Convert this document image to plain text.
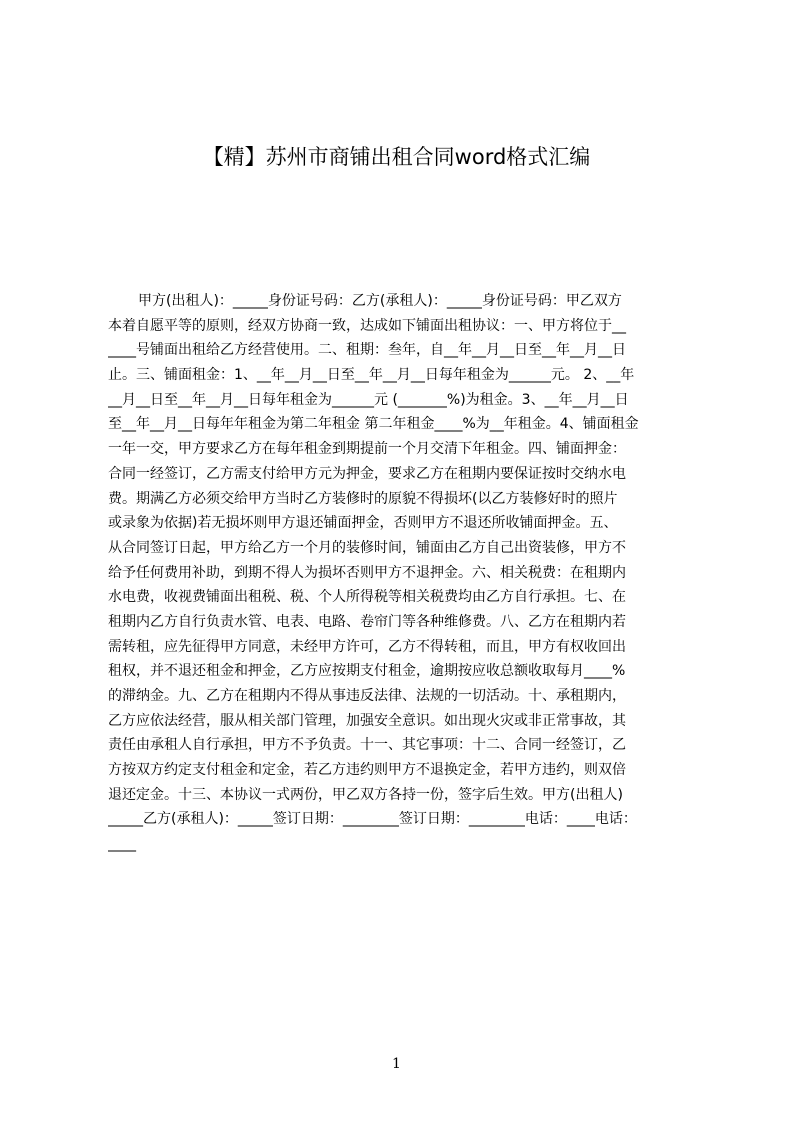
【精】苏州市商铺出租合同word格式汇编
甲方(出租人)：_____身份证号码：乙方(承租人)：_____身份证号码：甲乙双方
本着自愿平等的原则，经双方协商一致，达成如下铺面出租协议：一、甲方将位于__
____号铺面出租给乙方经营使用。二、租期：叁年，自__年__月__日至__年__月__日
止。三、铺面租金：1、__年__月__日至__年__月__日每年租金为______元。 2、__年
__月__日至__年__月__日每年租金为______元 (_______%)为租金。3、__年__月__日
至__年__月__日每年年租金为第二年租金 第二年租金____%为__年租金。4、铺面租金
一年一交，甲方要求乙方在每年租金到期提前一个月交清下年租金。四、铺面押金：
合同一经签订，乙方需支付给甲方元为押金，要求乙方在租期内要保证按时交纳水电
费。期满乙方必须交给甲方当时乙方装修时的原貌不得损坏(以乙方装修好时的照片
或录象为依据)若无损坏则甲方退还铺面押金，否则甲方不退还所收铺面押金。五、
从合同签订日起，甲方给乙方一个月的装修时间，铺面由乙方自己出资装修，甲方不
给予任何费用补助，到期不得人为损坏否则甲方不退押金。六、相关税费：在租期内
水电费，收视费铺面出租税、税、个人所得税等相关税费均由乙方自行承担。七、在
租期内乙方自行负责水管、电表、电路、卷帘门等各种维修费。八、乙方在租期内若
需转租，应先征得甲方同意，未经甲方许可，乙方不得转租，而且，甲方有权收回出
租权，并不退还租金和押金，乙方应按期支付租金，逾期按应收总额收取每月____%
的滞纳金。九、乙方在租期内不得从事违反法律、法规的一切活动。十、承租期内，
乙方应依法经营，服从相关部门管理，加强安全意识。如出现火灾或非正常事故，其
责任由承租人自行承担，甲方不予负责。十一、其它事项：十二、合同一经签订，乙
方按双方约定支付租金和定金，若乙方违约则甲方不退换定金，若甲方违约，则双倍
退还定金。十三、本协议一式两份，甲乙双方各持一份，签字后生效。甲方(出租人)
_____乙方(承租人)：_____签订日期：________签订日期：________电话：____电话：
____
1
